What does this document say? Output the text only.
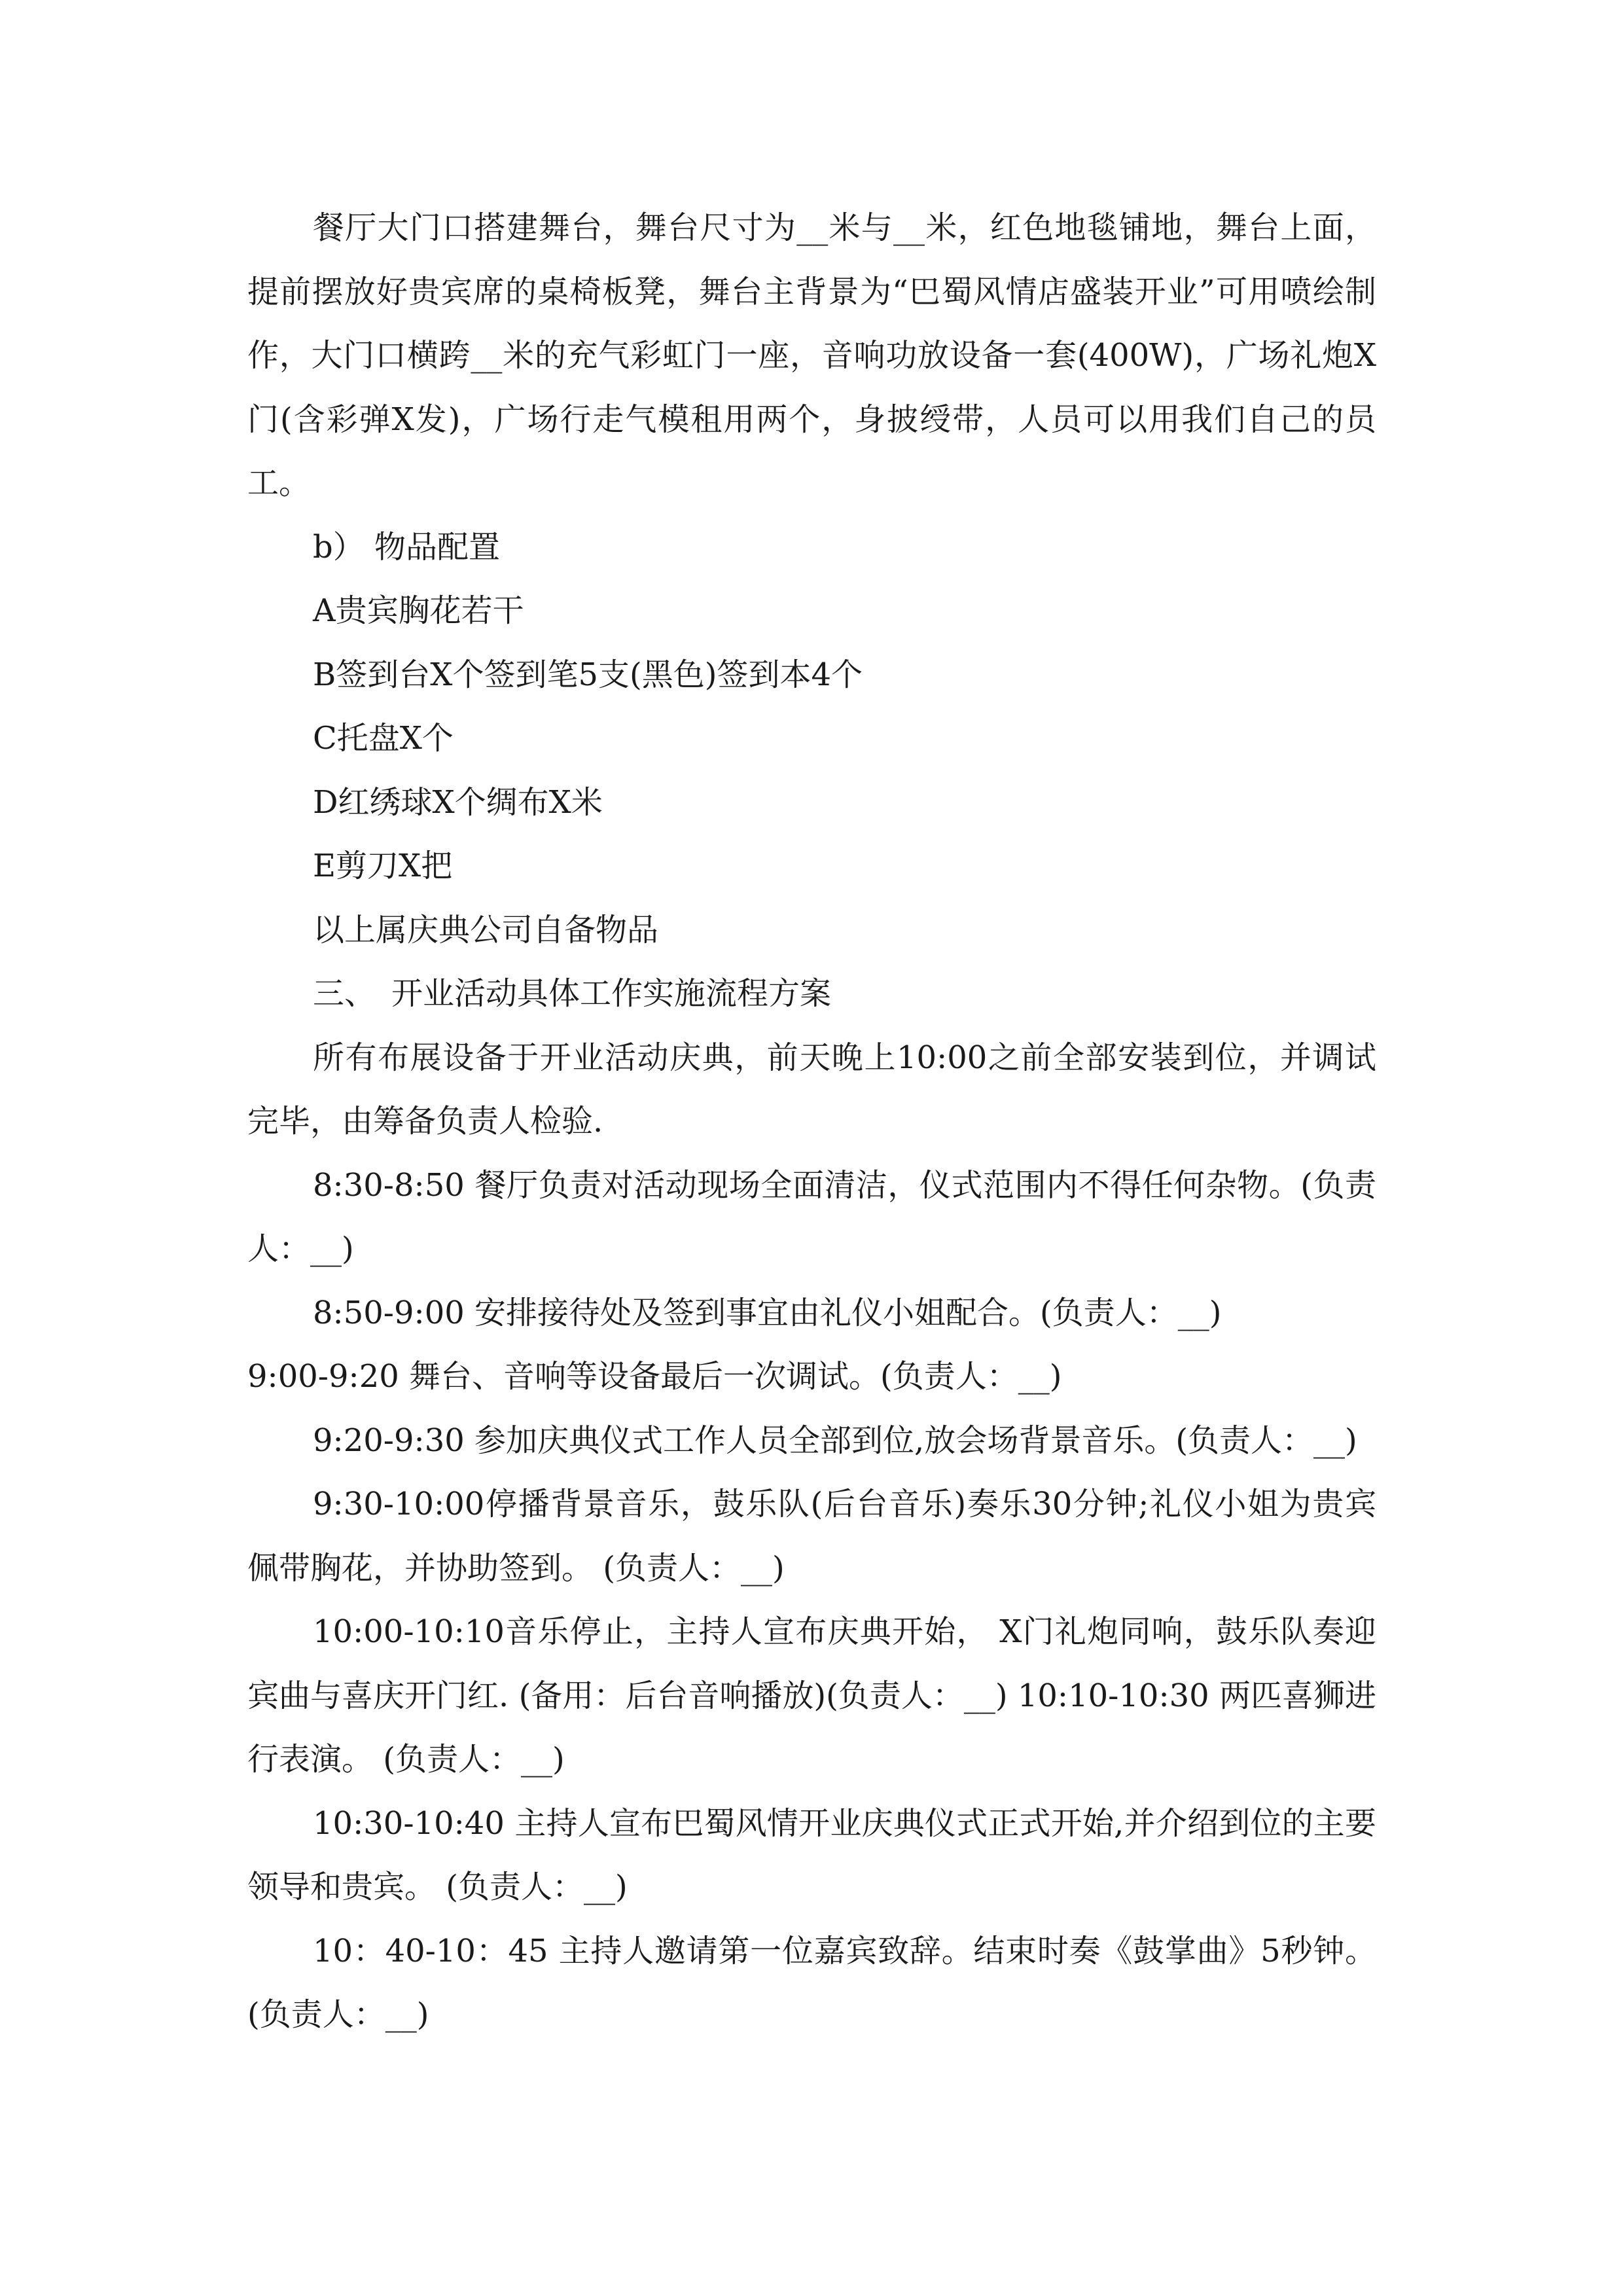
餐厅大门口搭建舞台，舞台尺寸为__米与__米，红色地毯铺地，舞台上面，提前摆放好贵宾席的桌椅板凳，舞台主背景为“巴蜀风情店盛装开业”可用喷绘制作，大门口横跨__米的充气彩虹门一座，音响功放设备一套(400W)，广场礼炮X门(含彩弹X发)，广场行走气模租用两个，身披绶带，人员可以用我们自己的员工。

b） 物品配置

A贵宾胸花若干

B签到台X个签到笔5支(黑色)签到本4个

C托盘X个

D红绣球X个绸布X米

E剪刀X把

以上属庆典公司自备物品

三、　开业活动具体工作实施流程方案

所有布展设备于开业活动庆典，前天晚上10:00之前全部安装到位，并调试完毕，由筹备负责人检验.

8:30-8:50 餐厅负责对活动现场全面清洁，仪式范围内不得任何杂物。(负责人：__)

8:50-9:00 安排接待处及签到事宜由礼仪小姐配合。(负责人：__)

9:00-9:20 舞台、音响等设备最后一次调试。(负责人：__)

9:20-9:30 参加庆典仪式工作人员全部到位,放会场背景音乐。(负责人：__)

9:30-10:00停播背景音乐，鼓乐队(后台音乐)奏乐30分钟;礼仪小姐为贵宾佩带胸花，并协助签到。 (负责人：__)

10:00-10:10音乐停止，主持人宣布庆典开始， X门礼炮同响，鼓乐队奏迎宾曲与喜庆开门红. (备用：后台音响播放)(负责人：__) 10:10-10:30 两匹喜狮进行表演。 (负责人：__)

10:30-10:40 主持人宣布巴蜀风情开业庆典仪式正式开始,并介绍到位的主要领导和贵宾。 (负责人：__)

10：40-10：45 主持人邀请第一位嘉宾致辞。结束时奏《鼓掌曲》5秒钟。(负责人：__)
